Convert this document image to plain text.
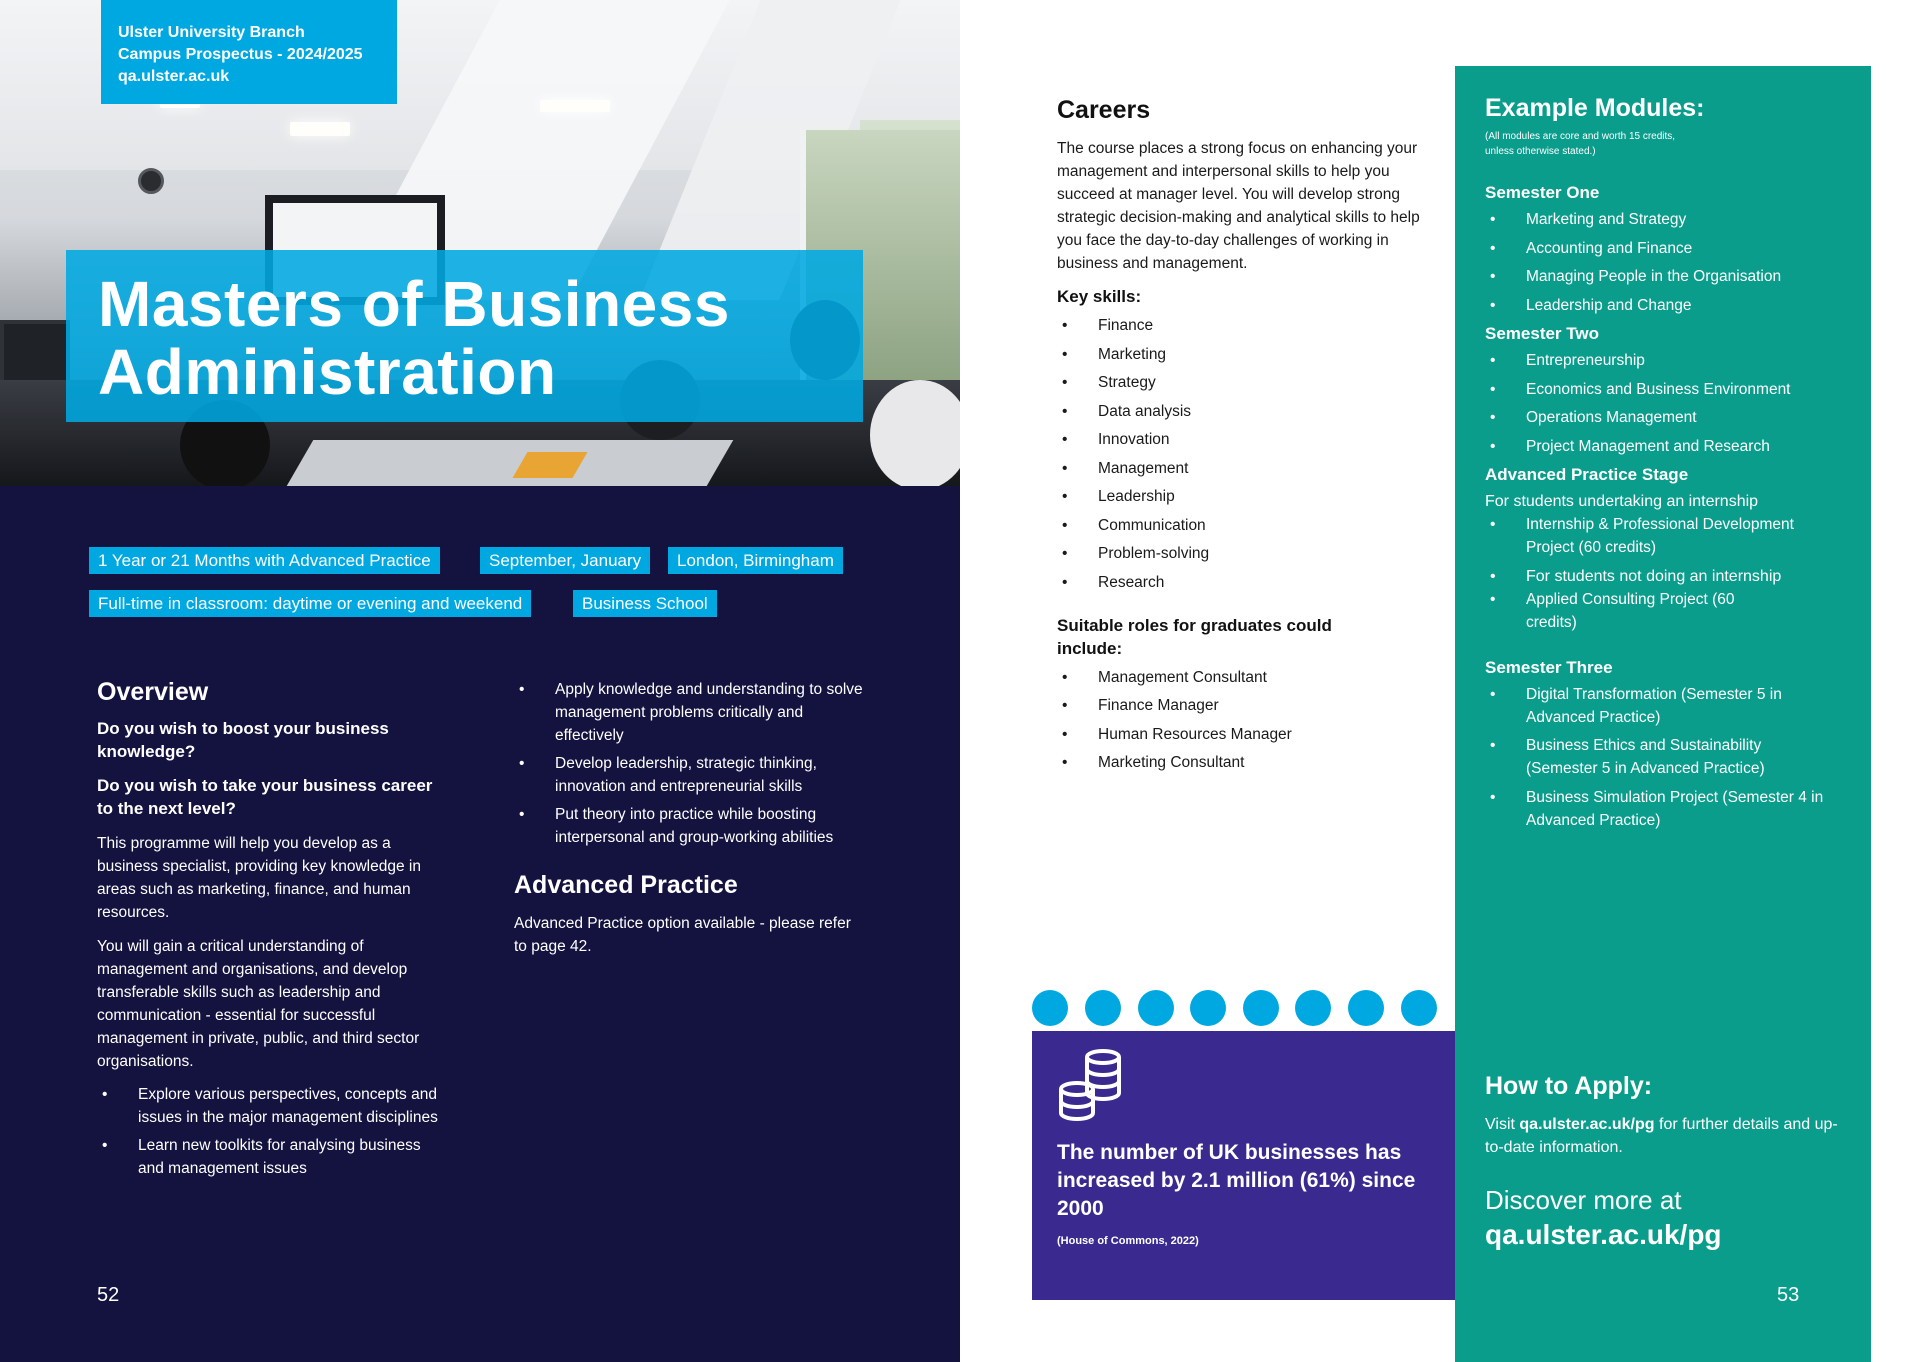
Ulster University Branch
Campus Prospectus - 2024/2025
qa.ulster.ac.uk
Masters of Business
Administration
1 Year or 21 Months with Advanced Practice	September, January	London, Birmingham
Full-time in classroom: daytime or evening and weekend	Business School
Overview
Do you wish to boost your business knowledge?
Do you wish to take your business career to the next level?
This programme will help you develop as a business specialist, providing key knowledge in areas such as marketing, finance, and human resources.
You will gain a critical understanding of management and organisations, and develop transferable skills such as leadership and communication - essential for successful management in private, public, and third sector organisations.
• Explore various perspectives, concepts and issues in the major management disciplines
• Learn new toolkits for analysing business and management issues
• Apply knowledge and understanding to solve management problems critically and effectively
• Develop leadership, strategic thinking, innovation and entrepreneurial skills
• Put theory into practice while boosting interpersonal and group-working abilities
Advanced Practice
Advanced Practice option available - please refer to page 42.
52
Careers
The course places a strong focus on enhancing your management and interpersonal skills to help you succeed at manager level. You will develop strong strategic decision-making and analytical skills to help you face the day-to-day challenges of working in business and management.
Key skills:
• Finance
• Marketing
• Strategy
• Data analysis
• Innovation
• Management
• Leadership
• Communication
• Problem-solving
• Research
Suitable roles for graduates could include:
• Management Consultant
• Finance Manager
• Human Resources Manager
• Marketing Consultant
The number of UK businesses has increased by 2.1 million (61%) since 2000
(House of Commons, 2022)
Example Modules:
(All modules are core and worth 15 credits, unless otherwise stated.)
Semester One
• Marketing and Strategy
• Accounting and Finance
• Managing People in the Organisation
• Leadership and Change
Semester Two
• Entrepreneurship
• Economics and Business Environment
• Operations Management
• Project Management and Research
Advanced Practice Stage
For students undertaking an internship
• Internship & Professional Development Project (60 credits)
• For students not doing an internship
• Applied Consulting Project (60 credits)
Semester Three
• Digital Transformation (Semester 5 in Advanced Practice)
• Business Ethics and Sustainability (Semester 5 in Advanced Practice)
• Business Simulation Project (Semester 4 in Advanced Practice)
How to Apply:
Visit qa.ulster.ac.uk/pg for further details and up-to-date information.
Discover more at
qa.ulster.ac.uk/pg
53
